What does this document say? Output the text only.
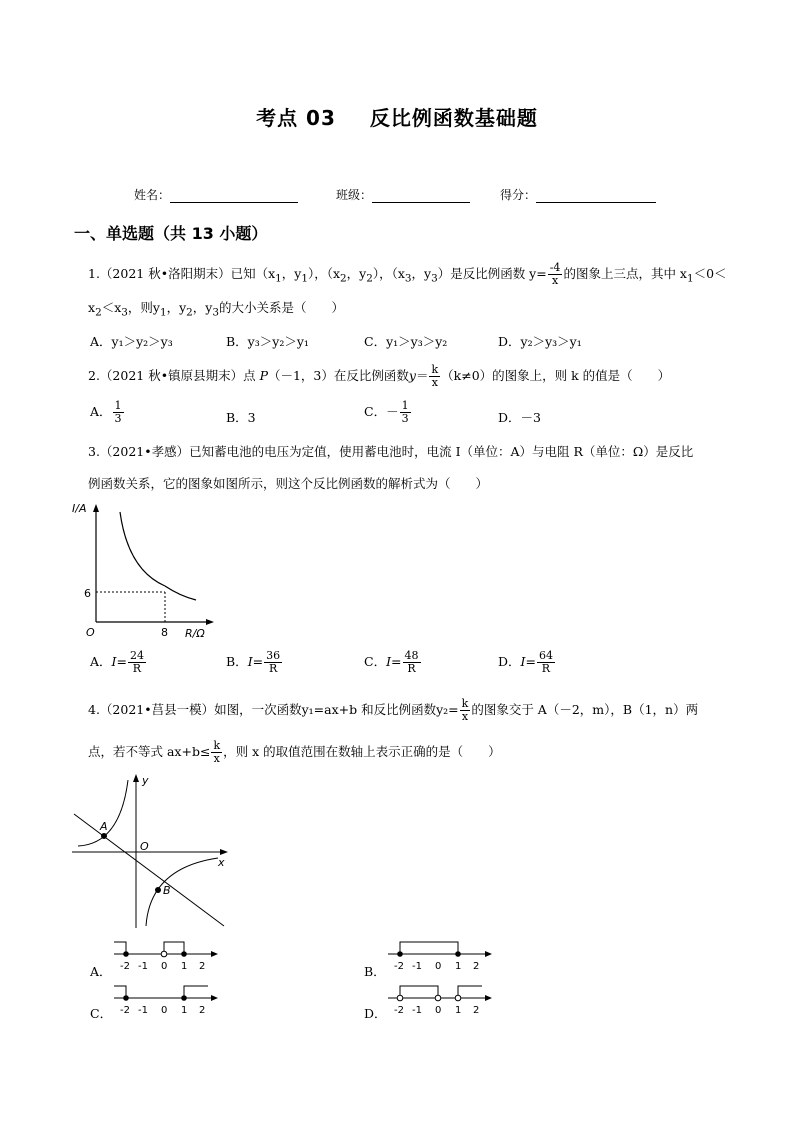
考点 03 反比例函数基础题
姓名：	班级：	得分：
一、单选题（共 13 小题）
1.（2021 秋•洛阳期末）已知（$x_1$，$y_1$），（$x_2$，$y_2$），（$x_3$，$y_3$）是反比例函数 $y= \frac{-4}{x}$ 的图象上三点，其中 $x_1<0<$
$x_2<x_3$，则$y_1$，$y_2$，$y_3$的大小关系是（　　）
A．y₁＞y₂＞y₃	B．y₃＞y₂＞y₁	C．y₁＞y₃＞y₂	D．y₂＞y₃＞y₁
2.（2021 秋•镇原县期末）点 P（－1，3）在反比例函数$y= \frac{k}{x} (k\ne 0)$的图象上，则 k 的值是（　　）
A． $\frac{1}{3}$	B．3	C．－ $\frac{1}{3}$	D．－3
3.（2021•孝感）已知蓄电池的电压为定值，使用蓄电池时，电流 I（单位：A）与电阻 R（单位：Ω）是反比
例函数关系，它的图象如图所示，则这个反比例函数的解析式为（　　）
I/A
6
8
O	R/Ω
A．$I= \frac{24}{R}$	B．$I= \frac{36}{R}$	C．$I= \frac{48}{R}$	D．$I= \frac{64}{R}$
4.（2021•莒县一模）如图，一次函数y₁=ax+b 和反比例函数$y_2= \frac{k}{x}$ 的图象交于 A（－2，m），B（1，n）两
点，若不等式 $ax+b\le \frac{k}{x}$ ，则 x 的取值范围在数轴上表示正确的是（　　）
y
x
O
A
B
A．	B．
C．	D．
-2 -1 0 1 2	-2 -1 0 1 2
-2 -1 0 1 2	-2 -1 0 1 2
